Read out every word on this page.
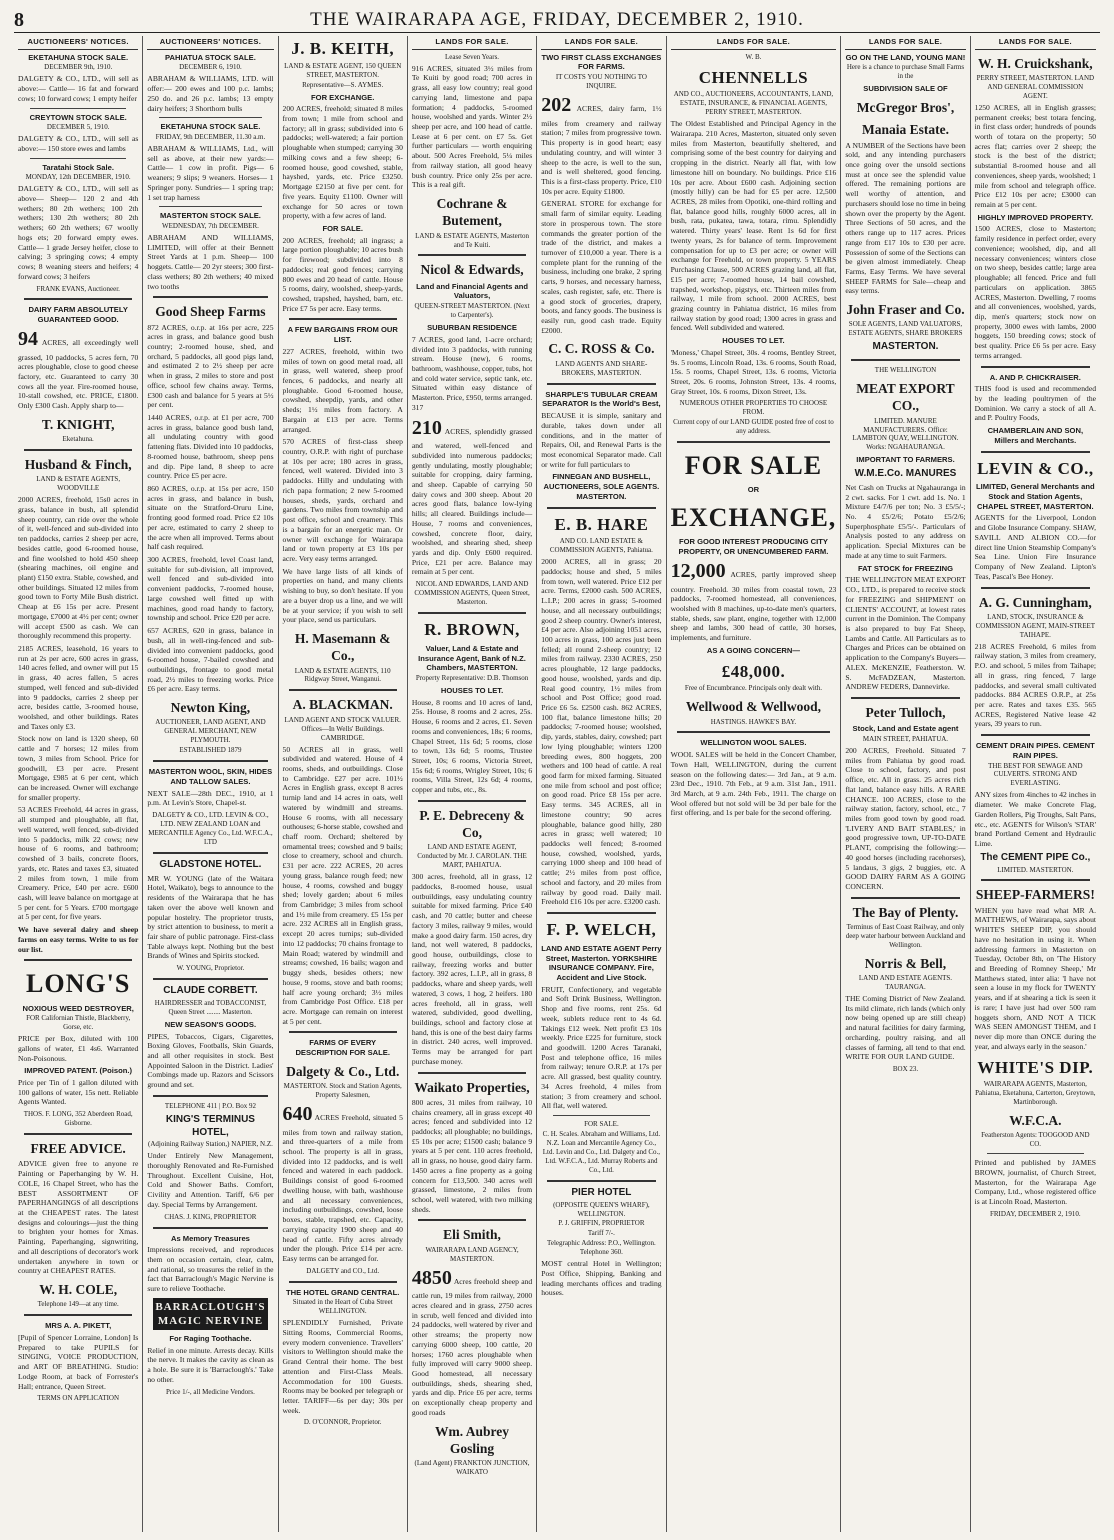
8	THE WAIRARAPA AGE, FRIDAY, DECEMBER 2, 1910.
AUCTIONEERS' NOTICES.
EKETAHUNA STOCK SALE.
DECEMBER 9th, 1910.

DALGETY & CO., LTD., will sell as above:— Cattle— 16 fat and forward cows; 10 forward cows; 1 empty heifer

CREYTOWN STOCK SALE.
DECEMBER 5, 1910.

DALGETY & CO., LTD., will sell as above:— 150 store ewes and lambs

Taratahi Stock Sale.
MONDAY, 12th DECEMBER, 1910.

DALGETY & CO., LTD., will sell as above— Sheep— 120 2 and 4th wethers; 80 2th wethers; 100 2th wethers; 130 2th wethers; 80 2th wethers; 60 2th wethers; 67 woolly hogs ets; 20 forward empty ewes. Cattle— 1 grade Jersey heifer, close to calving; 3 springing cows; 4 empty cows; 8 weaning steers and heifers; 4 forward cows; 3 heifers

FRANK EVANS, Auctioneer.
DAIRY FARM ABSOLUTELY GUARANTEED GOOD.

94 ACRES, all exceedingly well grassed, 10 paddocks, 5 acres fern, 70 acres ploughable, close to good cheese factory, etc. Guaranteed to carry 30 cows all the year. Fire-roomed house, 10-stall cowshed, etc. PRICE, £1800. Only £300 Cash. Apply sharp to—

T. KNIGHT,
Eketahuna.
Husband & Finch,
LAND & ESTATE AGENTS, WOODVILLE

2000 ACRES, freehold, 15s0 acres in grass, balance in bush, all splendid sheep country, can ride over the whole of it, well-fenced and sub-divided into ten paddocks, carries 2 sheep per acre, besides cattle, good 6-roomed house, and fine woolshed to hold 450 sheep (shearing machines, oil engine and plant) £150 extra. Stable, cowshed, and other buildings. Situated 12 miles from good town to Forty Mile Bush district. Cheap at £6 15s per acre. Present mortgage, £7000 at 4½ per cent; owner will accept £500 as cash. We can thoroughly recommend this property.

2185 ACRES, leasehold, 16 years to run at 2s per acre, 600 acres in grass, 140 acres felled, and owner will put 15 in grass, 40 acres fallen, 5 acres stumped, well fenced and sub-divided into 9 paddocks, carries 2 sheep per acre, besides cattle, 3-roomed house, woolshed, and other buildings. Rates and Taxes only £3.

Stock now on land is 1320 sheep, 60 cattle and 7 horses; 12 miles from town, 3 miles from School. Price for goodwill, £3 per acre. Present Mortgage, £985 at 6 per cent, which can be increased. Owner will exchange for smaller property.

53 ACRES Freehold, 44 acres in grass, all stumped and ploughable, all flat, well watered, well fenced, sub-divided into 5 paddocks, milk 22 cows; new house of 6 rooms, and bathroom; cowshed of 3 bails, concrete floors, yards, etc. Rates and taxes £3, situated 2 miles from town, 1 mile from Creamery. Price, £40 per acre. £600 cash, will leave balance on mortgage at 5 per cent. for 5 Years. £700 mortgage at 5 per cent, for five years.

We have several dairy and sheep farms on easy terms. Write to us for our list.

LONG'S
NOXIOUS WEED DESTROYER,
FOR Californian Thistle, Blackberry, Gorse, etc.

PRICE per Box, diluted with 100 gallons of water, £1 4s6. Warranted Non-Poisonous.

IMPROVED PATENT. (Poison.)

Price per Tin of 1 gallon diluted with 100 gallons of water, 15s nett. Reliable Agents Wanted.

THOS. F. LONG, 352 Aberdeen Road, Gisborne.
FREE ADVICE.

ADVICE given free to anyone re Painting or Paperhanging by W. H. COLE, 16 Chapel Street, who has the BEST ASSORTMENT OF PAPERHANGINGS of all descriptions at the CHEAPEST rates. The latest designs and colourings—just the thing to brighten your homes for Xmas. Painting, Paperhanging, signwriting, and all descriptions of decorator's work undertaken anywhere in town or country at CHEAPEST RATES.

W. H. COLE,
Telephone 149—at any time.
MRS A. A. PIKETT,

[Pupil of Spencer Lorraine, London] Is Prepared to take PUPILS for SINGING, VOICE PRODUCTION, and ART OF BREATHING. Studio: Lodge Room, at back of Forrester's Hall; entrance, Queen Street.

TERMS ON APPLICATION
AUCTIONEERS' NOTICES.
PAHIATUA STOCK SALE.
DECEMBER 6, 1910.

ABRAHAM & WILLIAMS, LTD. will offer:— 200 ewes and 100 p.c. lambs; 250 do. and 26 p.c. lambs; 13 empty dairy heifers; 3 Shorthorn bulls

EKETAHUNA STOCK SALE.
FRIDAY, 9th DECEMBER, 11.30 a.m.

ABRAHAM & WILLIAMS, Ltd., will sell as above, at their new yards:— Cattle— 1 cow in profit. Pigs— 6 weaners; 9 slips; 9 weaners. Horses— 1 Springer pony. Sundries— 1 spring trap; 1 set trap harness

MASTERTON STOCK SALE.
WEDNESDAY, 7th DECEMBER.

ABRAHAM AND WILLIAMS, LIMITED, will offer at their Bennett Street Yards at 1 p.m. Sheep— 100 hoggets. Cattle— 20 2yr steers; 300 first-class wethers; 80 2th wethers; 40 mixed two tooths

Good Sheep Farms

872 ACRES, o.r.p. at 16s per acre, 225 acres in grass, and balance good bush country; 2-roomed house, shed, and orchard, 5 paddocks, all good pigs land, and estimated 2 to 2½ sheep per acre when in grass, 2 miles to store and post office, school few chains away. Terms, £300 cash and balance for 5 years at 5½ per cent.

1440 ACRES, o.r.p. at £1 per acre, 700 acres in grass, balance good bush land, all undulating country with good fattening flats. Divided into 10 paddocks, 8-roomed house, bathroom, sheep pens and dip. Pipe land, 8 sheep to acre country. Price £5 per acre.

860 ACRES, o.r.p. at 15s per acre, 150 acres in grass, and balance in bush, situate on the Stratford-Oruru Line, fronting good formed road. Price £2 10s per acre, estimated to carry 2 sheep to the acre when all improved. Terms about half cash required.

300 ACRES, freehold, level Coast land, suitable for sub-division, all improved, well fenced and sub-divided into convenient paddocks, 7-roomed house, large cowshed well fitted up with machines, good road handy to factory, township and school. Price £20 per acre.

657 ACRES, 620 in grass, balance in bush, all in well-ring-fenced and sub-divided into convenient paddocks, good 6-roomed house, 7-bailed cowshed and outbuildings, frontage to good metal road, 2½ miles to freezing works. Price £6 per acre. Easy terms.

Newton King,
AUCTIONEER, LAND AGENT, AND GENERAL MERCHANT, NEW PLYMOUTH.
ESTABLISHED 1879
MASTERTON WOOL, SKIN, HIDES AND TALLOW SALES.

NEXT SALE—28th DEC., 1910, at 1 p.m. At Levin's Store, Chapel-st.

DALGETY & CO., LTD. LEVIN & CO., LTD. NEW ZEALAND LOAN and MERCANTILE Agency Co., Ltd. W.F.C.A., LTD
GLADSTONE HOTEL.

MR W. YOUNG (late of the Waitara Hotel, Waikato), begs to announce to the residents of the Wairarapa that he has taken over the above well known and popular hostelry. The proprietor trusts, by strict attention to business, to merit a fair share of public patronage. First-class Table always kept. Nothing but the best Brands of Wines and Spirits stocked.

W. YOUNG, Proprietor.
CLAUDE CORBETT.
HAIRDRESSER and TOBACCONIST, Queen Street ........ Masterton.
NEW SEASON'S GOODS.

PIPES, Tobaccos, Cigars, Cigarettes, Boxing Gloves, Footballs, Skin Guards, and all other requisites in stock. Best Appointed Saloon in the District. Ladies' Combings made up. Razors and Scissors ground and set.

TELEPHONE 411 | P.O. Box 92
KING'S TERMINUS HOTEL,
(Adjoining Railway Station,) NAPIER, N.Z.

Under Entirely New Management, thoroughly Renovated and Re-Furnished Throughout. Excellent Cuisine, Hot, Cold and Shower Baths. Comfort, Civility and Attention. Tariff, 6/6 per day. Special Terms by Arrangement.

CHAS. J. KING, PROPRIETOR
As Memory Treasures

Impressions received, and reproduces them on occasion certain, clear, calm, and rational, so treasures the relief in the fact that Barraclough's Magic Nervine is sure to relieve Toothache.

BARRACLOUGH'S MAGIC NERVINE
For Raging Toothache.

Relief in one minute. Arrests decay. Kills the nerve. It makes the cavity as clean as a hole. Be sure it is 'Barraclough's.' Take no other.

Price 1/-, all Medicine Vendors.
J. B. KEITH,
LAND & ESTATE AGENT, 150 QUEEN STREET, MASTERTON.
Representative—S. AYMES.
FOR EXCHANGE.

200 ACRES, freehold; situated 8 miles from town; 1 mile from school and factory; all in grass; subdivided into 6 paddocks; well-watered; a fair portion ploughable when stumped; carrying 30 milking cows and a few sheep; 6-roomed house, good cowshed, stable, hayshed, yards, etc. Price £3250. Mortgage £2150 at five per cent. for five years. Equity £1100. Owner will exchange for 50 acres or town property, with a few acres of land.

FOR SALE.

200 ACRES, freehold; all ingrass; a large portion ploughable; 10 acres bush for firewood; subdivided into 8 paddocks; real good fences; carrying 800 ewes and 20 head of cattle. House 5 rooms, dairy, woolshed, sheep-yards, cowshed, trapshed, hayshed, barn, etc. Price £7 5s per acre. Easy terms.

A FEW BARGAINS FROM OUR LIST.

227 ACRES, freehold, within two miles of town on good metal road, all in grass, well watered, sheep proof fences, 6 paddocks, and nearly all ploughable. Good 6-roomed house, cowshed, sheepdip, yards, and other sheds; 1½ miles from factory. A Bargain at £13 per acre. Terms arranged.

570 ACRES of first-class sheep country, O.R.P. with right of purchase at 10s per acre; 180 acres in grass, fenced, well watered. Divided into 3 paddocks. Hilly and undulating with rich papa formation; 2 new 5-roomed houses, sheds, yards, orchard and gardens. Two miles from township and post office, school and creamery. This is a bargain for an energetic man. Or owner will exchange for Wairarapa land or town property at £3 10s per acre. Very easy terms arranged.

We have large lists of all kinds of properties on hand, and many clients wishing to buy, so don't hesitate. If you are a buyer drop us a line, and we will be at your service; if you wish to sell your place, send us particulars.

H. Masemann & Co.,
LAND & ESTATE AGENTS, 110 Ridgway Street, Wanganui.
A. BLACKMAN.
LAND AGENT AND STOCK VALUER. Offices—In Wells' Buildings. CAMBRIDGE.

50 ACRES all in grass, well subdivided and watered. House of 4 rooms, sheds, and outbuildings. Close to Cambridge. £27 per acre. 101½ Acres in English grass, except 8 acres turnip land and 14 acres in oats, well watered by windmill and streams. House 6 rooms, with all necessary outhouses; 6-horse stable, cowshed and chaff room. Orchard; sheltered by ornamental trees; cowshed and 9 bails; close to creamery, school and church. £31 per acre. 222 ACRES, 20 acres young grass, balance rough feed; new house, 4 rooms, cowshed and buggy shed; lovely garden; about 6 miles from Cambridge; 3 miles from school and 1½ mile from creamery. £5 15s per acre. 232 ACRES all in English grass, except 20 acres turnips; sub-divided into 12 paddocks; 70 chains frontage to Main Road; watered by windmill and streams; cowshed, 16 bails; wagon and buggy sheds, besides others; new house, 9 rooms, stove and bath rooms; half acre young orchard; 3½ miles from Cambridge Post Office. £18 per acre. Mortgage can remain on interest at 5 per cent.

FARMS OF EVERY DESCRIPTION FOR SALE.
Dalgety & Co., Ltd.
MASTERTON. Stock and Station Agents, Property Salesmen,

640 ACRES Freehold, situated 5 miles from town and railway station, and three-quarters of a mile from school. The property is all in grass, divided into 12 paddocks, and is well fenced and watered in each paddock. Buildings consist of good 6-roomed dwelling house, with bath, washhouse and all necessary conveniences, including outbuildings, cowshed, loose boxes, stable, trapshed, etc. Capacity, carrying capacity 1900 sheep and 40 head of cattle. Fifty acres already under the plough. Price £14 per acre. Easy terms can be arranged for.

DALGETY and CO., Ltd.
THE HOTEL GRAND CENTRAL.
Situated in the Heart of Cuba Street WELLINGTON.

SPLENDIDLY Furnished, Private Sitting Rooms, Commercial Rooms, every modern convenience. Travellers' visitors to Wellington should make the Grand Central their home. The best attention and First-Class Meals. Accommodation for 100 Guests. Rooms may be booked per telegraph or letter. TARIFF—6s per day; 30s per week.

D. O'CONNOR, Proprietor.
LANDS FOR SALE.
Lease Seven Years.

916 ACRES, situated 3½ miles from Te Kuiti by good road; 700 acres in grass, all easy low country; real good carrying land, limestone and papa formation; 4 paddocks, 5-roomed house, woolshed and yards. Winter 2½ sheep per acre, and 100 head of cattle. Lease at 6 per cent. on £7 5s. Get further particulars — worth enquiring about. 500 Acres Freehold, 5¼ miles from railway station, all good heavy bush country. Price only 25s per acre. This is a real gift.

Cochrane & Butement,
LAND & ESTATE AGENTS, Masterton and Te Kuiti.
Nicol & Edwards,
Land and Financial Agents and Valuators,
QUEEN-STREET MASTERTON. (Next to Carpenter's).
SUBURBAN RESIDENCE

7 ACRES, good land, 1-acre orchard; divided into 3 paddocks, with running stream. House (new), 6 rooms, bathroom, washhouse, copper, tubs, hot and cold water service, septic tank, etc. Situated within easy distance of Masterton. Price, £950, terms arranged. 317

210 ACRES, splendidly grassed and watered, well-fenced and subdivided into numerous paddocks; gently undulating, mostly ploughable; suitable for cropping, dairy farming, and sheep. Capable of carrying 50 dairy cows and 300 sheep. About 20 acres good flats, balance low-lying hills; all cleared. Buildings include—House, 7 rooms and conveniences, cowshed, concrete floor, dairy, woolshed, and shearing shed, sheep yards and dip. Only £600 required. Price, £21 per acre. Balance may remain at 5 per cent.

NICOL AND EDWARDS, LAND AND COMMISSION AGENTS, Queen Street, Masterton.
R. BROWN,
Valuer, Land & Estate and Insurance Agent, Bank of N.Z. Chambers, MASTERTON.
Property Representative: D.B. Thomson
HOUSES TO LET.

House, 8 rooms and 10 acres of land, 25s. House, 8 rooms and 2 acres, 25s. House, 6 rooms and 2 acres, £1. Seven rooms and conveniences, 18s; 6 rooms, Chapel Street, 11s 6d; 5 rooms, close to town, 13s 6d; 5 rooms, Trustee Street, 10s; 6 rooms, Victoria Street, 15s 6d; 6 rooms, Wrigley Street, 10s; 6 rooms, Villa Street, 12s 6d; 4 rooms, copper and tubs, etc., 8s.

P. E. Debreceny & Co,
LAND AND ESTATE AGENT, Conducted by Mr. J. CAROLAN. THE MART, PAHIATUA.

300 acres, freehold, all in grass, 12 paddocks, 8-roomed house, usual outbuildings, easy undulating country suitable for mixed farming. Price £40 cash, and 70 cattle; butter and cheese factory 3 miles, railway 9 miles, would make a good dairy farm. 150 acres, dry land, not well watered, 8 paddocks, good house, outbuildings, close to railway, freezing works and butter factory. 392 acres, L.I.P., all in grass, 8 paddocks, whare and sheep yards, well watered, 3 cows, 1 hog, 2 heifers. 180 acres freehold, all in grass, well watered, subdivided, good dwelling, buildings, school and factory close at hand, this is one of the best dairy farms in district. 240 acres, well improved. Terms may be arranged for part purchase money.

Waikato Properties,

800 acres, 31 miles from railway, 10 chains creamery, all in grass except 40 acres; fenced and subdivided into 12 paddocks; all ploughable; no buildings, £5 10s per acre; £1500 cash; balance 9 years at 5 per cent. 110 acres freehold, all in grass, no house, good dairy farm. 1450 acres a fine property as a going concern for £13,500. 340 acres well grassed, limestone, 2 miles from school, well watered, with two milking sheds.

Eli Smith,
WAIRARAPA LAND AGENCY, MASTERTON.

4850 Acres freehold sheep and cattle run, 19 miles from railway, 2000 acres cleared and in grass, 2750 acres in scrub, well fenced and divided into 24 paddocks, well watered by river and other streams; the property now carrying 6000 sheep, 100 cattle, 20 horses; 1760 acres ploughable when fully improved will carry 9000 sheep. Good homestead, all necessary outbuildings, sheds, shearing shed, yards and dip. Price £6 per acre, terms on exceptionally cheap property and good roads

Wm. Aubrey Gosling
(Land Agent) FRANKTON JUNCTION, WAIKATO
LANDS FOR SALE.
TWO FIRST CLASS EXCHANGES FOR FARMS.
IT COSTS YOU NOTHING TO INQUIRE.

202 ACRES, dairy farm, 1½ miles from creamery and railway station; 7 miles from progressive town. This property is in good heart; easy undulating country, and will winter 3 sheep to the acre, is well to the sun, and is well sheltered, good fencing. This is a first-class property. Price, £10 10s per acre. Equity £1800.

GENERAL STORE for exchange for small farm of similar equity. Leading store in prosperous town. The store commands the greater portion of the trade of the district, and makes a turnover of £10,000 a year. There is a complete plant for the running of the business, including one brake, 2 spring carts, 9 horses, and necessary harness, scales, cash register, safe, etc. There is a good stock of groceries, drapery, boots, and fancy goods. The business is easily run, good cash trade. Equity £2000.

C. C. ROSS & Co.
LAND AGENTS AND SHARE-BROKERS, MASTERTON.
SHARPLE'S TUBULAR CREAM SEPARATOR Is the World's Best,

BECAUSE it is simple, sanitary and durable, takes down under all conditions, and in the matter of Repairs, Oil, and Renewal Parts is the most economical Separator made. Call or write for full particulars to

FINNEGAN AND BUSHELL, AUCTIONEERS, SOLE AGENTS. MASTERTON.
E. B. HARE
AND CO. LAND ESTATE & COMMISSION AGENTS, Pahiatua.

2000 ACRES, all in grass; 20 paddocks; house and shed, 5 miles from town, well watered. Price £12 per acre. Terms, £2000 cash. 500 ACRES, L.I.P.; 200 acres in grass; 5-roomed house, and all necessary outbuildings; good 2 sheep country. Owner's interest, £4 per acre. Also adjoining 1051 acres, 100 acres in grass, 100 acres just been felled; all round 2-sheep country; 12 miles from railway. 2330 ACRES, 250 acres ploughable, 12 large paddocks, good house, woolshed, yards and dip. Real good country, 1½ miles from school and Post Office; good road. Price £6 5s. £2500 cash. 862 ACRES, 100 flat, balance limestone hills; 20 paddocks; 7-roomed house; woolshed, dip, yards, stables, dairy, cowshed; part low lying ploughable; winters 1200 breeding ewes, 800 hoggets, 200 wethers and 100 head of cattle. A real good farm for mixed farming. Situated one mile from school and post office; on good road. Price £8 15s per acre. Easy terms. 345 ACRES, all in limestone country; 90 acres ploughable, balance good hilly, 280 acres in grass; well watered; 10 paddocks well fenced; 8-roomed house, cowshed, woolshed, yards, carrying 1000 sheep and 100 head of cattle; 2½ miles from post office, school and factory, and 20 miles from railway by good road. Daily mail. Freehold £16 10s per acre. £3200 cash.

F. P. WELCH,
LAND AND ESTATE AGENT Perry Street, Masterton. YORKSHIRE INSURANCE COMPANY. Fire, Accident and Live Stock.

FRUIT, Confectionery, and vegetable and Soft Drink Business, Wellington. Shop and five rooms, rent 25s. 6d week, sublets reduce rent to 4s 6d. Takings £12 week. Nett profit £3 10s weekly. Price £225 for furniture, stock and goodwill. 1200 Acres Taranaki, Post and telephone office, 16 miles from railway; tenure O.R.P. at 17s per acre. All grassed, best quality country. 34 Acres freehold, 4 miles from station; 3 from creamery and school. All flat, well watered.

FOR SALE.
C. H. Scales. Abraham and Williams, Ltd. N.Z. Loan and Mercantile Agency Co., Ltd. Levin and Co., Ltd. Dalgety and Co., Ltd. W.F.C.A., Ltd. Murray Roberts and Co., Ltd.
PIER HOTEL
(OPPOSITE QUEEN'S WHARF), WELLINGTON.
P. J. GRIFFIN, PROPRIETOR
Tariff 7/-.
Telegraphic Address: P.O., Wellington. Telephone 360.

MOST central Hotel in Wellington; Post Office, Shipping, Banking and leading merchants offices and trading houses.

LANDS FOR SALE.
W. B.
CHENNELLS
AND CO., AUCTIONEERS, ACCOUNTANTS, LAND, ESTATE, INSURANCE, & FINANCIAL AGENTS, PERRY STREET, MASTERTON.

The Oldest Established and Principal Agency in the Wairarapa. 210 Acres, Masterton, situated only seven miles from Masterton, beautifully sheltered, and comprising some of the best country for dairying and cropping in the district. Nearly all flat, with low limestone hill on boundary. No buildings. Price £16 10s per acre. About £600 cash. Adjoining section (mostly hilly) can be had for £5 per acre. 12,500 ACRES, 28 miles from Opotiki, one-third rolling and flat, balance good hills, roughly 6000 acres, all in bush, rata, pukatea, tawa, totara, rimu. Splendidly watered. Thirty years' lease. Rent 1s 6d for first twenty years, 2s for balance of term. Improvement compensation for up to £3 per acre; or owner will exchange for Freehold, or town property. 5 YEARS Purchasing Clause, 500 ACRES grazing land, all flat, £15 per acre; 7-roomed house, 14 bail cowshed, trapshed, workshop, pigstys, etc. Thirteen miles from railway, 1 mile from school. 2000 ACRES, best grazing country in Pahiatua district, 16 miles from railway station by good road; 1300 acres in grass and fenced. Well subdivided and watered.

HOUSES TO LET.

'Moness,' Chapel Street, 30s. 4 rooms, Bentley Street, 9s. 5 rooms, Lincoln Road, 13s. 6 rooms, South Road, 15s. 5 rooms, Chapel Street, 13s. 6 rooms, Victoria Street, 20s. 6 rooms, Johnston Street, 13s. 4 rooms, Gray Street, 10s. 6 rooms, Dixon Street, 13s.

NUMEROUS OTHER PROPERTIES TO CHOOSE FROM.
Current copy of our LAND GUIDE posted free of cost to any address.
FOR SALE
OR
EXCHANGE,
FOR GOOD INTEREST PRODUCING CITY PROPERTY, OR UNENCUMBERED FARM.

12,000 ACRES, partly improved sheep country. Freehold. 30 miles from coastal town, 23 paddocks, 7-roomed homestead, all conveniences, woolshed with 8 machines, up-to-date men's quarters, stable, sheds, saw plant, engine, together with 12,000 sheep and lambs, 300 head of cattle, 30 horses, implements, and furniture.

AS A GOING CONCERN—
£48,000.
Free of Encumbrance. Principals only dealt with.
Wellwood & Wellwood,
HASTINGS. HAWKE'S BAY.
WELLINGTON WOOL SALES.

WOOL SALES will be held in the Concert Chamber, Town Hall, WELLINGTON, during the current season on the following dates:— 3rd Jan., at 9 a.m. 23rd Dec., 1910. 7th Feb., at 9 a.m. 31st Jan., 1911. 3rd March, at 9 a.m. 24th Feb., 1911. The charge on Wool offered but not sold will be 3d per bale for the first offering, and 1s per bale for the second offering.

LANDS FOR SALE.
GO ON THE LAND, YOUNG MAN!
Here is a chance to purchase Small Farms in the
SUBDIVISION SALE OF
McGregor Bros',
Manaia Estate.

A NUMBER of the Sections have been sold, and any intending purchasers once going over the unsold sections must at once see the splendid value offered. The remaining portions are well worthy of attention, and purchasers should lose no time in being shown over the property by the Agent. Three Sections of 50 acres, and the others range up to 117 acres. Prices range from £17 10s to £30 per acre. Possession of some of the Sections can be given almost immediately. Cheap Farms, Easy Terms. We have several SHEEP FARMS for Sale—cheap and easy terms.

John Fraser and Co.
SOLE AGENTS, LAND VALUATORS, ESTATE AGENTS, SHARE BROKERS
MASTERTON.
THE WELLINGTON
MEAT EXPORT CO.,
LIMITED. MANURE MANUFACTURERS. Office: LAMBTON QUAY, WELLINGTON. Works: NGAHAURANGA.
IMPORTANT TO FARMERS.
W.M.E.Co. MANURES

Net Cash on Trucks at Ngahauranga in 2 cwt. sacks. For 1 cwt. add 1s. No. 1 Mixture £4/7/6 per ton; No. 3 £5/5/-; No. 4 £5/2/6; Potato £5/2/6; Superphosphate £5/5/-. Particulars of Analysis posted to any address on application. Special Mixtures can be made at any time to suit Farmers.

FAT STOCK for FREEZING

THE WELLINGTON MEAT EXPORT CO., LTD., is prepared to receive stock for FREEZING and SHIPMENT on CLIENTS' ACCOUNT, at lowest rates current in the Dominion. The Company is also prepared to buy Fat Sheep, Lambs and Cattle. All Particulars as to Charges and Prices can be obtained on application to the Company's Buyers— ALEX. McKENZIE, Featherston. W. S. McFADZEAN, Masterton. ANDREW FEDERS, Dannevirke.

Peter Tulloch,
Stock, Land and Estate agent
MAIN STREET, PAHIATUA.

200 ACRES, Freehold. Situated 7 miles from Pahiatua by good road. Close to school, factory, and post office, etc. All in grass. 25 acres rich flat land, balance easy hills. A RARE CHANCE. 100 ACRES, close to the railway station, factory, school, etc., 7 miles from good town by good road. 'LIVERY AND BAIT STABLES,' in good progressive town, UP-TO-DATE PLANT, comprising the following:—40 good horses (including racehorses), 5 landaus, 3 gigs, 2 buggies, etc. A GOOD DAIRY FARM AS A GOING CONCERN.

The Bay of Plenty.
Terminus of East Coast Railway, and only deep water harbour between Auckland and Wellington.
Norris & Bell,
LAND AND ESTATE AGENTS. TAURANGA.

THE Coming District of New Zealand. Its mild climate, rich lands (which only now being opened up are still cheap) and natural facilities for dairy farming, orcharding, poultry raising, and all classes of farming, all tend to that end. WRITE FOR OUR LAND GUIDE.

BOX 23.
LANDS FOR SALE.
W. H. Cruickshank,
PERRY STREET, MASTERTON. LAND AND GENERAL COMMISSION AGENT.

1250 ACRES, all in English grasses; permanent creeks; best totara fencing, in first class order; hundreds of pounds worth of totara on the property; 50 acres flat; carries over 2 sheep; the stock is the best of the district; substantial 8-roomed house and all conveniences, sheep yards, woolshed; 1 mile from school and telegraph office. Price £12 10s per acre; £3000 can remain at 5 per cent.

HIGHLY IMPROVED PROPERTY.

1500 ACRES, close to Masterton; family residence in perfect order, every convenience; woolshed, dip, and all necessary conveniences; winters close on two sheep, besides cattle; large area ploughable; all fenced. Price and full particulars on application. 3865 ACRES, Masterton. Dwelling, 7 rooms and all conveniences, woolshed, yards, dip, men's quarters; stock now on property, 3000 ewes with lambs, 2000 hoggets, 150 breeding cows; stock of best quality. Price £6 5s per acre. Easy terms arranged.

A. AND P. CHICKRAISER.

THIS food is used and recommended by the leading poultrymen of the Dominion. We carry a stock of all A. and P. Poultry Foods,

CHAMBERLAIN AND SON, Millers and Merchants.
LEVIN & CO.,
LIMITED, General Merchants and Stock and Station Agents, CHAPEL STREET, MASTERTON.

AGENTS for the Liverpool, London and Globe Insurance Company. SHAW, SAVILL AND ALBION CO.—for direct line Union Steamship Company's Sea Line. Union Fire Insurance Company of New Zealand. Lipton's Teas, Pascal's Bee Honey.

A. G. Cunningham,
LAND, STOCK, INSURANCE & COMMISSION AGENT, MAIN-STREET TAIHAPE.

218 ACRES Freehold, 6 miles from railway station, 3 miles from creamery, P.O. and school, 5 miles from Taihape; all in grass, ring fenced, 7 large paddocks, and several small cultivated paddocks. 884 ACRES O.R.P., at 25s per acre. Rates and taxes £35. 565 ACRES, Registered Native lease 42 years, 39 years to run.

CEMENT DRAIN PIPES. CEMENT RAIN PIPES.
THE BEST FOR SEWAGE AND CULVERTS. STRONG AND EVERLASTING.

ANY sizes from 4inches to 42 inches in diameter. We make Concrete Flag, Garden Rollers, Pig Troughs, Salt Pans, etc., etc. AGENTS for Wilson's 'STAR' brand Portland Cement and Hydraulic Lime.

The CEMENT PIPE Co.,
LIMITED. MASTERTON.
SHEEP-FARMERS!

WHEN you have read what MR A. MATTHEWS, of Wairarapa, says about WHITE'S SHEEP DIP, you should have no hesitation in using it. When addressing farmers in Masterton on Tuesday, October 8th, on 'The History and Breeding of Romney Sheep,' Mr Matthews stated, inter alia: 'I have not seen a louse in my flock for TWENTY years, and if at shearing a tick is seen it is rare; I have just had over 500 ram hoggets shorn, AND NOT A TICK WAS SEEN AMONGST THEM, and I never dip more than ONCE during the year, and always early in the season.'

WHITE'S DIP.
WAIRARAPA AGENTS, Masterton, Pahiatua, Eketahuna, Carterton, Greytown, Martinborough.
W.F.C.A.
Featherston Agents: TOOGOOD AND CO.

Printed and published by JAMES BROWN, journalist, of Church Street, Masterton, for the Wairarapa Age Company, Ltd., whose registered office is at Lincoln Road, Masterton.

FRIDAY, DECEMBER 2, 1910.
